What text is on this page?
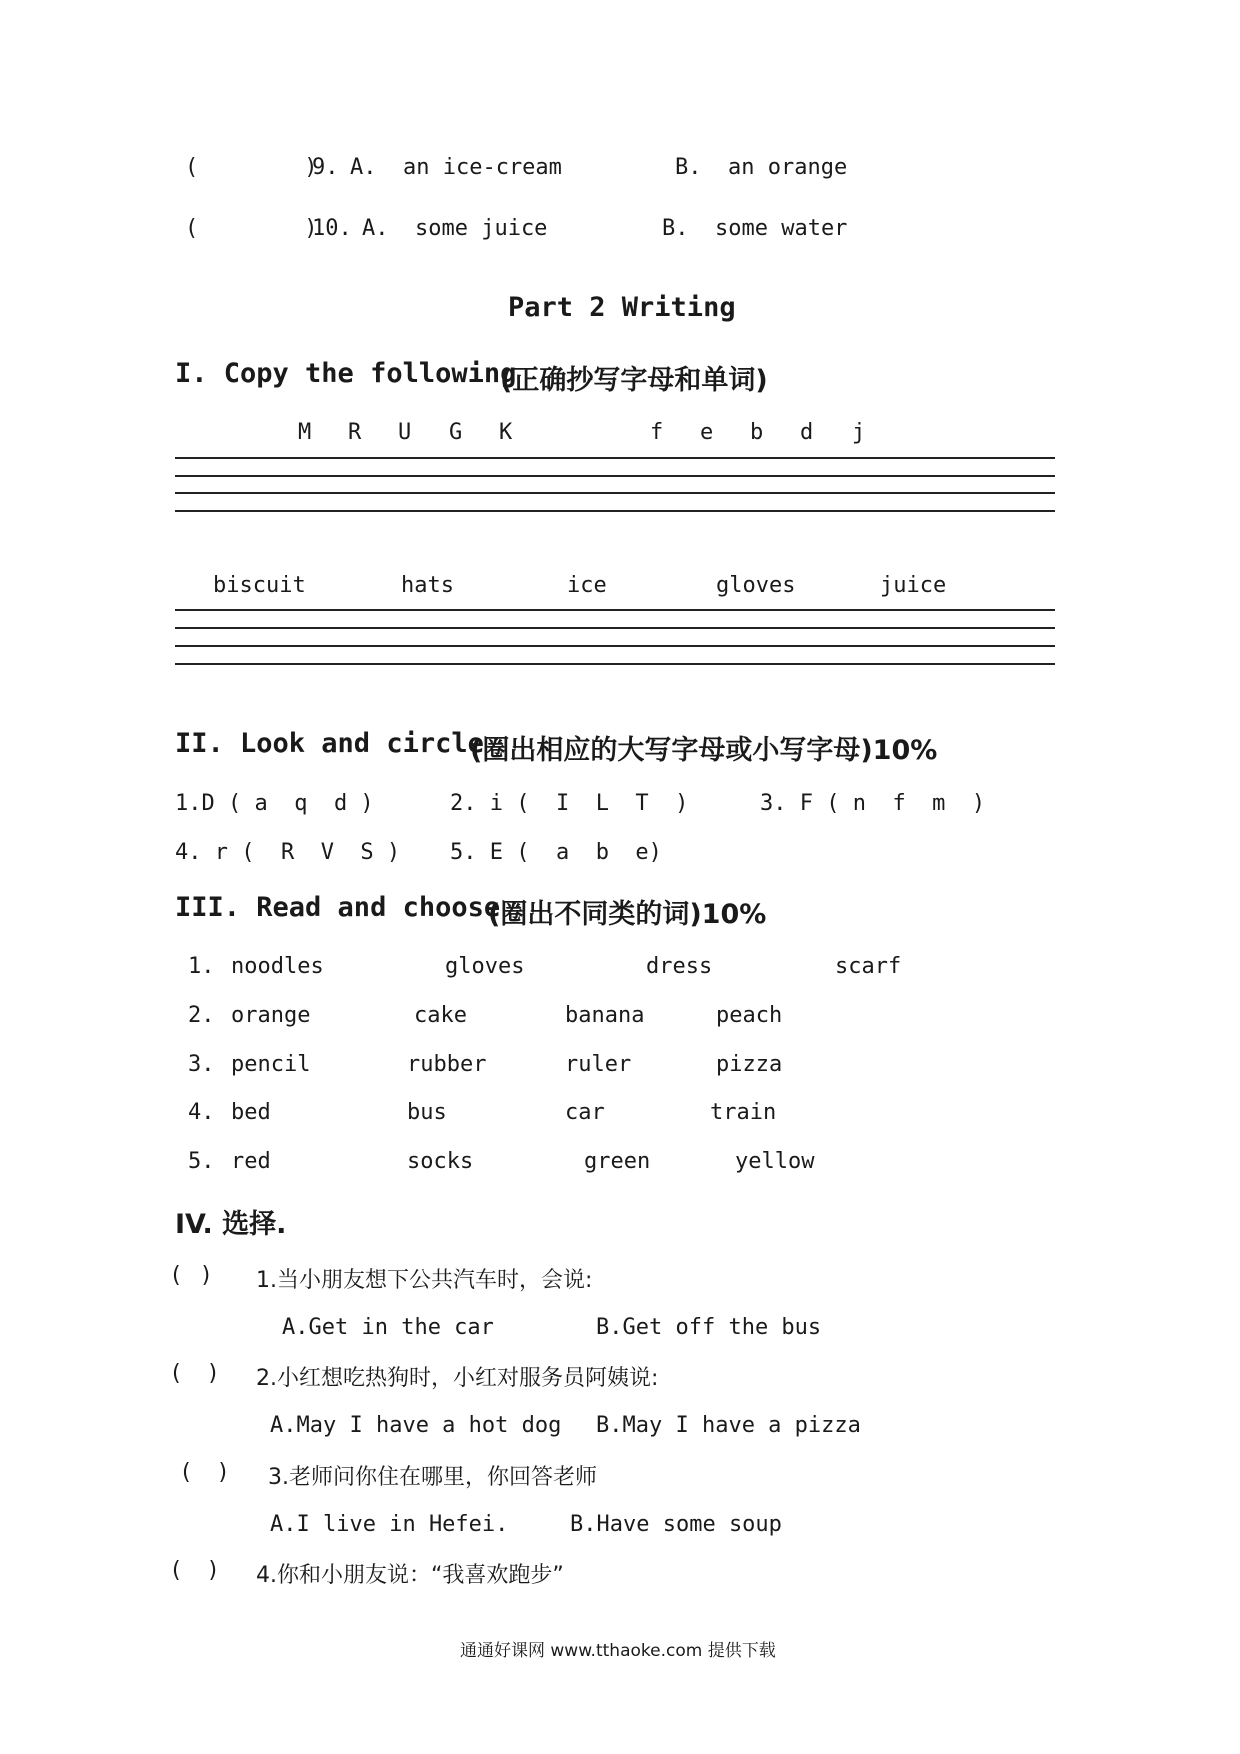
(        )
9. A.  an ice-cream	B.  an orange
(        )
10. A.  some juice	B.  some water
Part 2 Writing
I. Copy the following
(正确抄写字母和单词)
M R U G K	f e b d j
biscuit	hats	ice	gloves	juice
II. Look and circle
(圈出相应的大写字母或小写字母)10%
1.D ( a  q  d )	2. i (  I  L  T  )	3. F ( n  f  m  )
4. r (  R  V  S ) 5. E (  a  b  e)
III. Read and choose
(圈出不同类的词)10%
1. noodles	gloves	dress	scarf
2. orange	cake	banana	peach
3. pencil	rubber	ruler	pizza
4. bed	bus	car	train
5. red	socks	green	yellow
IV. 选择.
(   ) 1.当小朋友想下公共汽车时，会说:
A.Get in the car	B.Get off the bus
(    ) 2.小红想吃热狗时，小红对服务员阿姨说:
A.May I have a hot dog B.May I have a pizza
(    ) 3.老师问你住在哪里，你回答老师
A.I live in Hefei.	B.Have some soup
(    ) 4.你和小朋友说：“我喜欢跑步”
通通好课网 www.tthaoke.com 提供下载
